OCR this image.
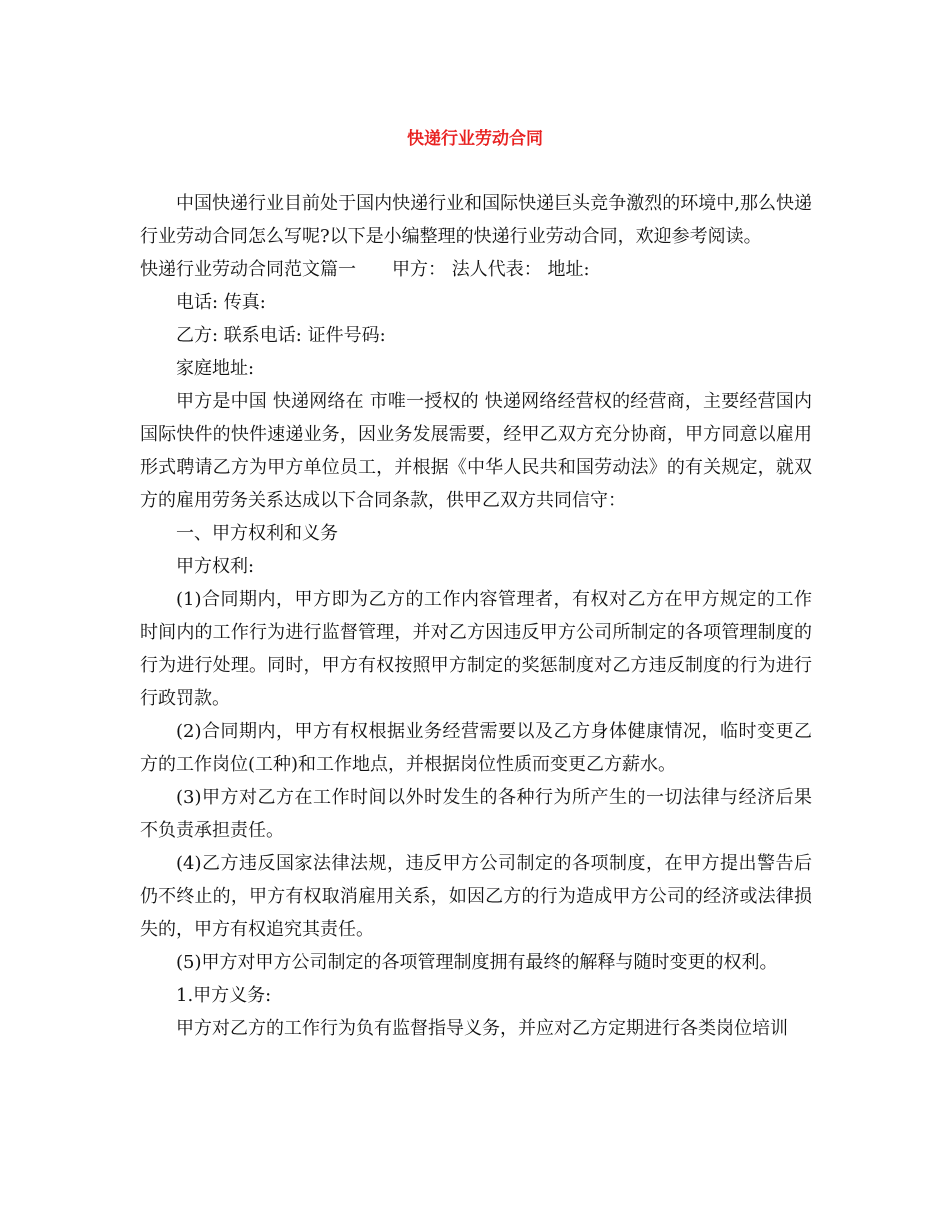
快递行业劳动合同

中国快递行业目前处于国内快递行业和国际快递巨头竞争激烈的环境中,那么快递行业劳动合同怎么写呢?以下是小编整理的快递行业劳动合同，欢迎参考阅读。

快递行业劳动合同范文篇一 甲方： 法人代表： 地址:

电话: 传真:

乙方: 联系电话: 证件号码:

家庭地址:

甲方是中国 快递网络在 市唯一授权的 快递网络经营权的经营商，主要经营国内国际快件的快件速递业务，因业务发展需要，经甲乙双方充分协商，甲方同意以雇用形式聘请乙方为甲方单位员工，并根据《中华人民共和国劳动法》的有关规定，就双方的雇用劳务关系达成以下合同条款，供甲乙双方共同信守：

一、甲方权利和义务

甲方权利:

(1)合同期内，甲方即为乙方的工作内容管理者，有权对乙方在甲方规定的工作时间内的工作行为进行监督管理，并对乙方因违反甲方公司所制定的各项管理制度的行为进行处理。同时，甲方有权按照甲方制定的奖惩制度对乙方违反制度的行为进行行政罚款。

(2)合同期内，甲方有权根据业务经营需要以及乙方身体健康情况，临时变更乙方的工作岗位(工种)和工作地点，并根据岗位性质而变更乙方薪水。

(3)甲方对乙方在工作时间以外时发生的各种行为所产生的一切法律与经济后果不负责承担责任。

(4)乙方违反国家法律法规，违反甲方公司制定的各项制度，在甲方提出警告后仍不终止的，甲方有权取消雇用关系，如因乙方的行为造成甲方公司的经济或法律损失的，甲方有权追究其责任。

(5)甲方对甲方公司制定的各项管理制度拥有最终的解释与随时变更的权利。

1.甲方义务:

甲方对乙方的工作行为负有监督指导义务，并应对乙方定期进行各类岗位培训
